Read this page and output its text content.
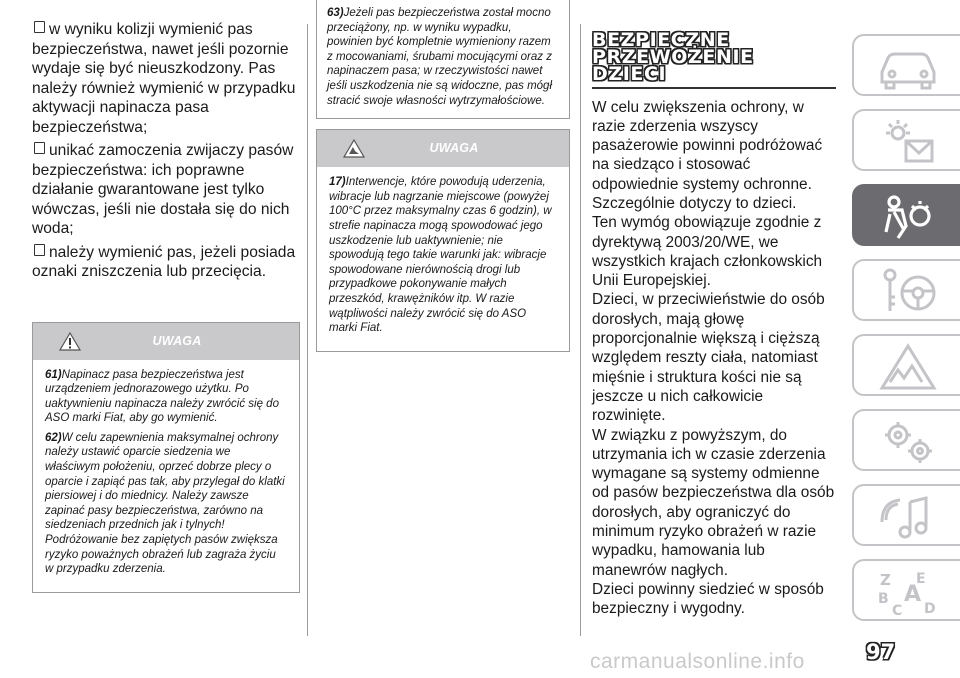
w wyniku kolizji wymienić pas bezpieczeństwa, nawet jeśli pozornie wydaje się być nieuszkodzony. Pas należy również wymienić w przypadku aktywacji napinacza pasa bezpieczeństwa;
unikać zamoczenia zwijaczy pasów bezpieczeństwa: ich poprawne działanie gwarantowane jest tylko wówczas, jeśli nie dostała się do nich woda;
należy wymienić pas, jeżeli posiada oznaki zniszczenia lub przecięcia.
UWAGA

61)Napinacz pasa bezpieczeństwa jest urządzeniem jednorazowego użytku. Po uaktywnieniu napinacza należy zwrócić się do ASO marki Fiat, aby go wymienić.

62)W celu zapewnienia maksymalnej ochrony należy ustawić oparcie siedzenia we właściwym położeniu, oprzeć dobrze plecy o oparcie i zapiąć pas tak, aby przylegał do klatki piersiowej i do miednicy. Należy zawsze zapinać pasy bezpieczeństwa, zarówno na siedzeniach przednich jak i tylnych! Podróżowanie bez zapiętych pasów zwiększa ryzyko poważnych obrażeń lub zagraża życiu w przypadku zderzenia.

63)Jeżeli pas bezpieczeństwa został mocno przeciążony, np. w wyniku wypadku, powinien być kompletnie wymieniony razem z mocowaniami, śrubami mocującymi oraz z napinaczem pasa; w rzeczywistości nawet jeśli uszkodzenia nie są widoczne, pas mógł stracić swoje własności wytrzymałościowe.
UWAGA

17)Interwencje, które powodują uderzenia, wibracje lub nagrzanie miejscowe (powyżej 100°C przez maksymalny czas 6 godzin), w strefie napinacza mogą spowodować jego uszkodzenie lub uaktywnienie; nie spowodują tego takie warunki jak: wibracje spowodowane nierównością drogi lub przypadkowe pokonywanie małych przeszkód, krawężników itp. W razie wątpliwości należy zwrócić się do ASO marki Fiat.

BEZPIECZNE
PRZEWOŻENIE
DZIECI
W celu zwiększenia ochrony, w razie zderzenia wszyscy pasażerowie powinni podróżować na siedząco i stosować odpowiednie systemy ochronne.
Szczególnie dotyczy to dzieci.
Ten wymóg obowiązuje zgodnie z dyrektywą 2003/20/WE, we wszystkich krajach członkowskich Unii Europejskiej.
Dzieci, w przeciwieństwie do osób dorosłych, mają głowę proporcjonalnie większą i cięższą względem reszty ciała, natomiast mięśnie i struktura kości nie są jeszcze u nich całkowicie rozwinięte.
W związku z powyższym, do utrzymania ich w czasie zderzenia wymagane są systemy odmienne od pasów bezpieczeństwa dla osób dorosłych, aby ograniczyć do minimum ryzyko obrażeń w razie wypadku, hamowania lub manewrów nagłych.
Dzieci powinny siedzieć w sposób bezpieczny i wygodny.
Z E
A
B
C D
97
carmanualsonline.info
